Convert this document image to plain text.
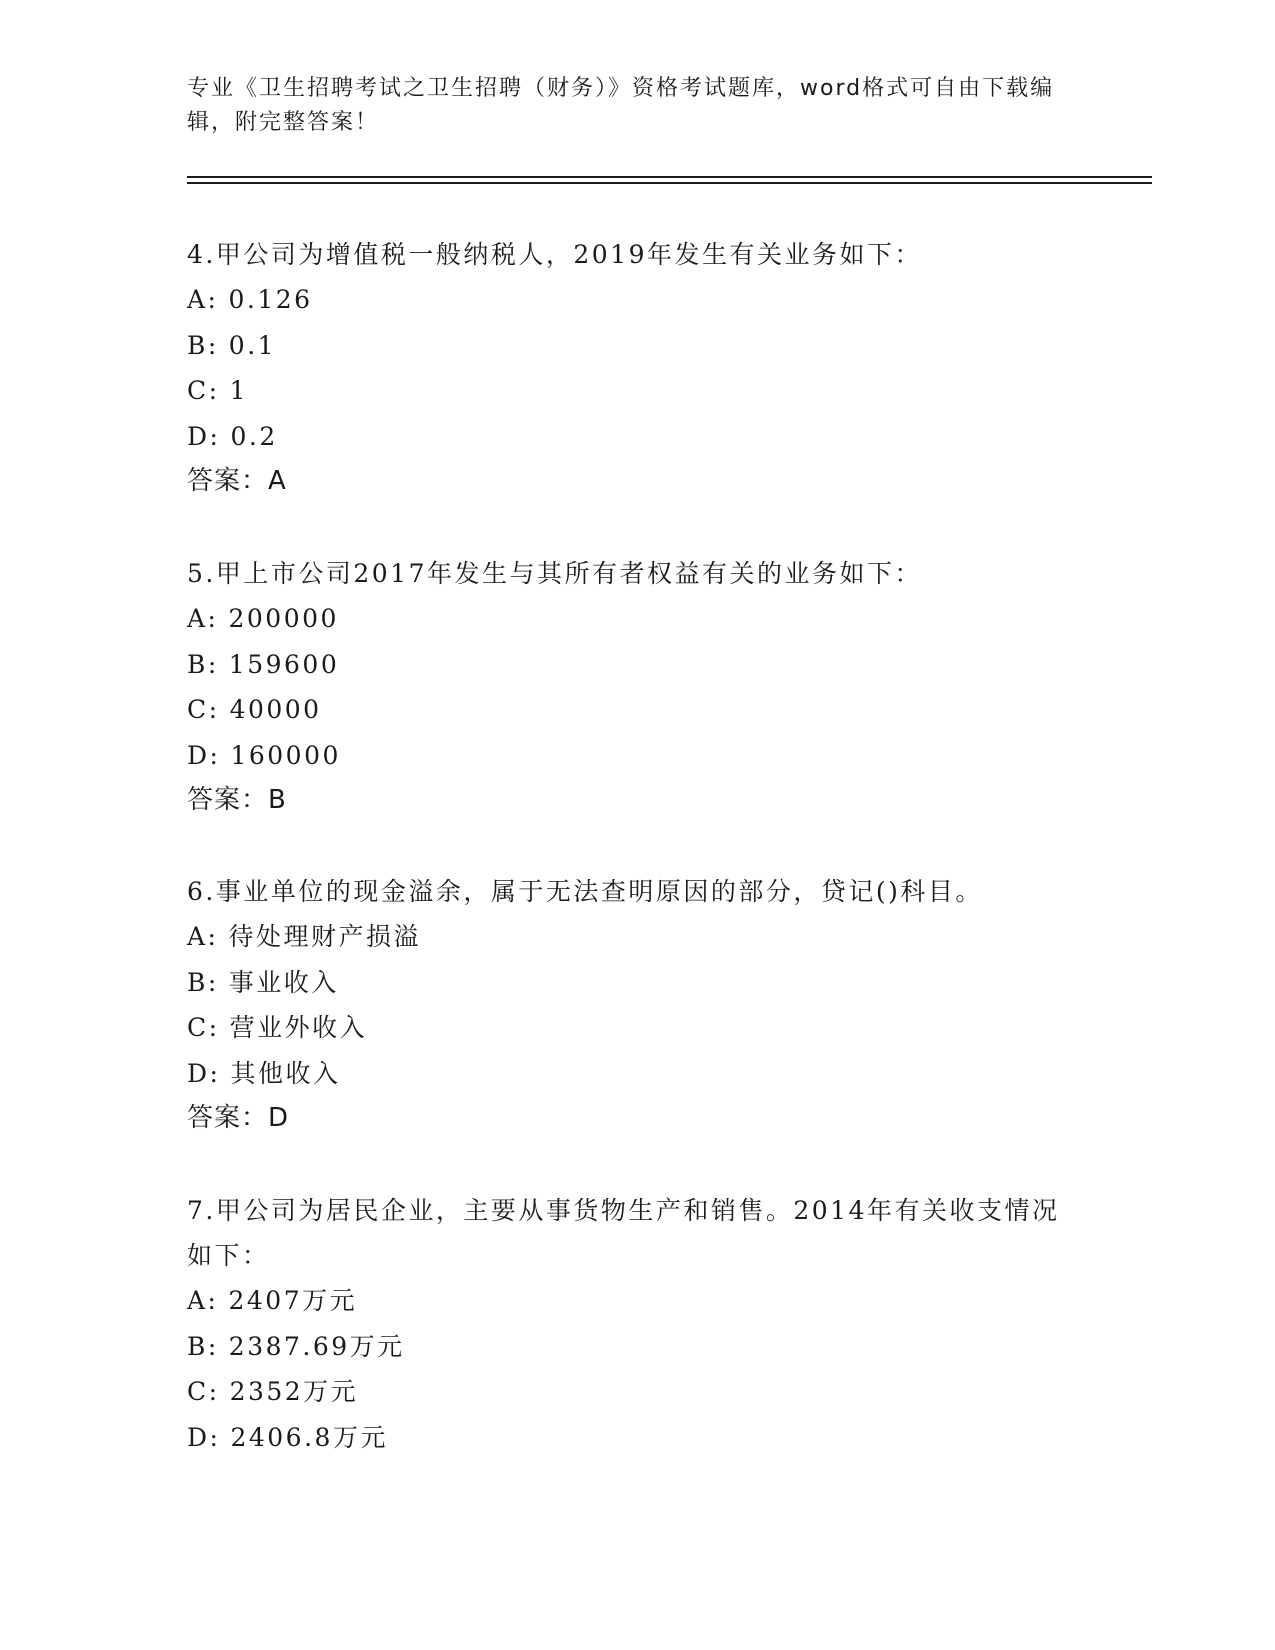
专业《卫生招聘考试之卫生招聘（财务）》资格考试题库，word格式可自由下载编辑，附完整答案！

4.甲公司为增值税一般纳税人，2019年发生有关业务如下：

A: 0.126

B: 0.1

C: 1

D: 0.2

答案：A

5.甲上市公司2017年发生与其所有者权益有关的业务如下：

A: 200000

B: 159600

C: 40000

D: 160000

答案：B

6.事业单位的现金溢余，属于无法查明原因的部分，贷记()科目。

A: 待处理财产损溢

B: 事业收入

C: 营业外收入

D: 其他收入

答案：D

7.甲公司为居民企业，主要从事货物生产和销售。2014年有关收支情况如下：

A: 2407万元

B: 2387.69万元

C: 2352万元

D: 2406.8万元
